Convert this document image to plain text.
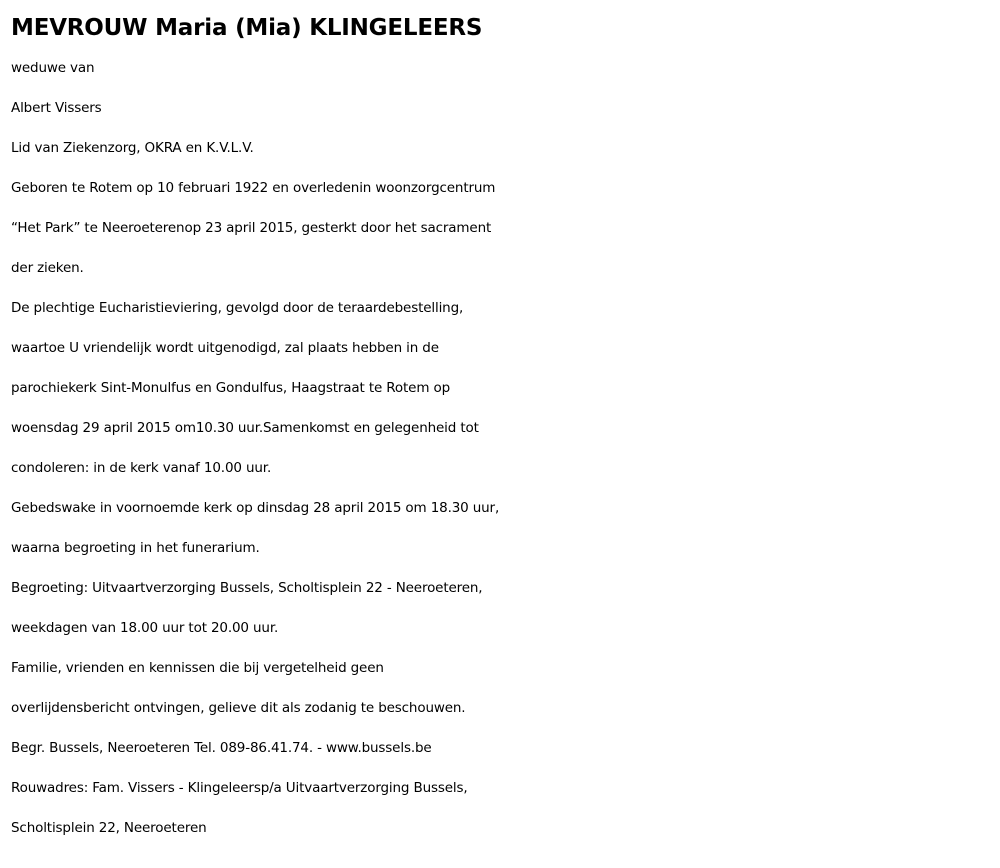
MEVROUW Maria (Mia) KLINGELEERS
weduwe van
Albert Vissers
Lid van Ziekenzorg, OKRA en K.V.L.V.
Geboren te Rotem op 10 februari 1922 en overledenin woonzorgcentrum
“Het Park” te Neeroeterenop 23 april 2015, gesterkt door het sacrament
der zieken.
De plechtige Eucharistieviering, gevolgd door de teraardebestelling,
waartoe U vriendelijk wordt uitgenodigd, zal plaats hebben in de
parochiekerk Sint-Monulfus en Gondulfus, Haagstraat te Rotem op
woensdag 29 april 2015 om10.30 uur.Samenkomst en gelegenheid tot
condoleren: in de kerk vanaf 10.00 uur.
Gebedswake in voornoemde kerk op dinsdag 28 april 2015 om 18.30 uur,
waarna begroeting in het funerarium.
Begroeting: Uitvaartverzorging Bussels, Scholtisplein 22 - Neeroeteren,
weekdagen van 18.00 uur tot 20.00 uur.
Familie, vrienden en kennissen die bij vergetelheid geen
overlijdensbericht ontvingen, gelieve dit als zodanig te beschouwen.
Begr. Bussels, Neeroeteren Tel. 089-86.41.74. - www.bussels.be
Rouwadres: Fam. Vissers - Klingeleersp/a Uitvaartverzorging Bussels,
Scholtisplein 22, Neeroeteren
